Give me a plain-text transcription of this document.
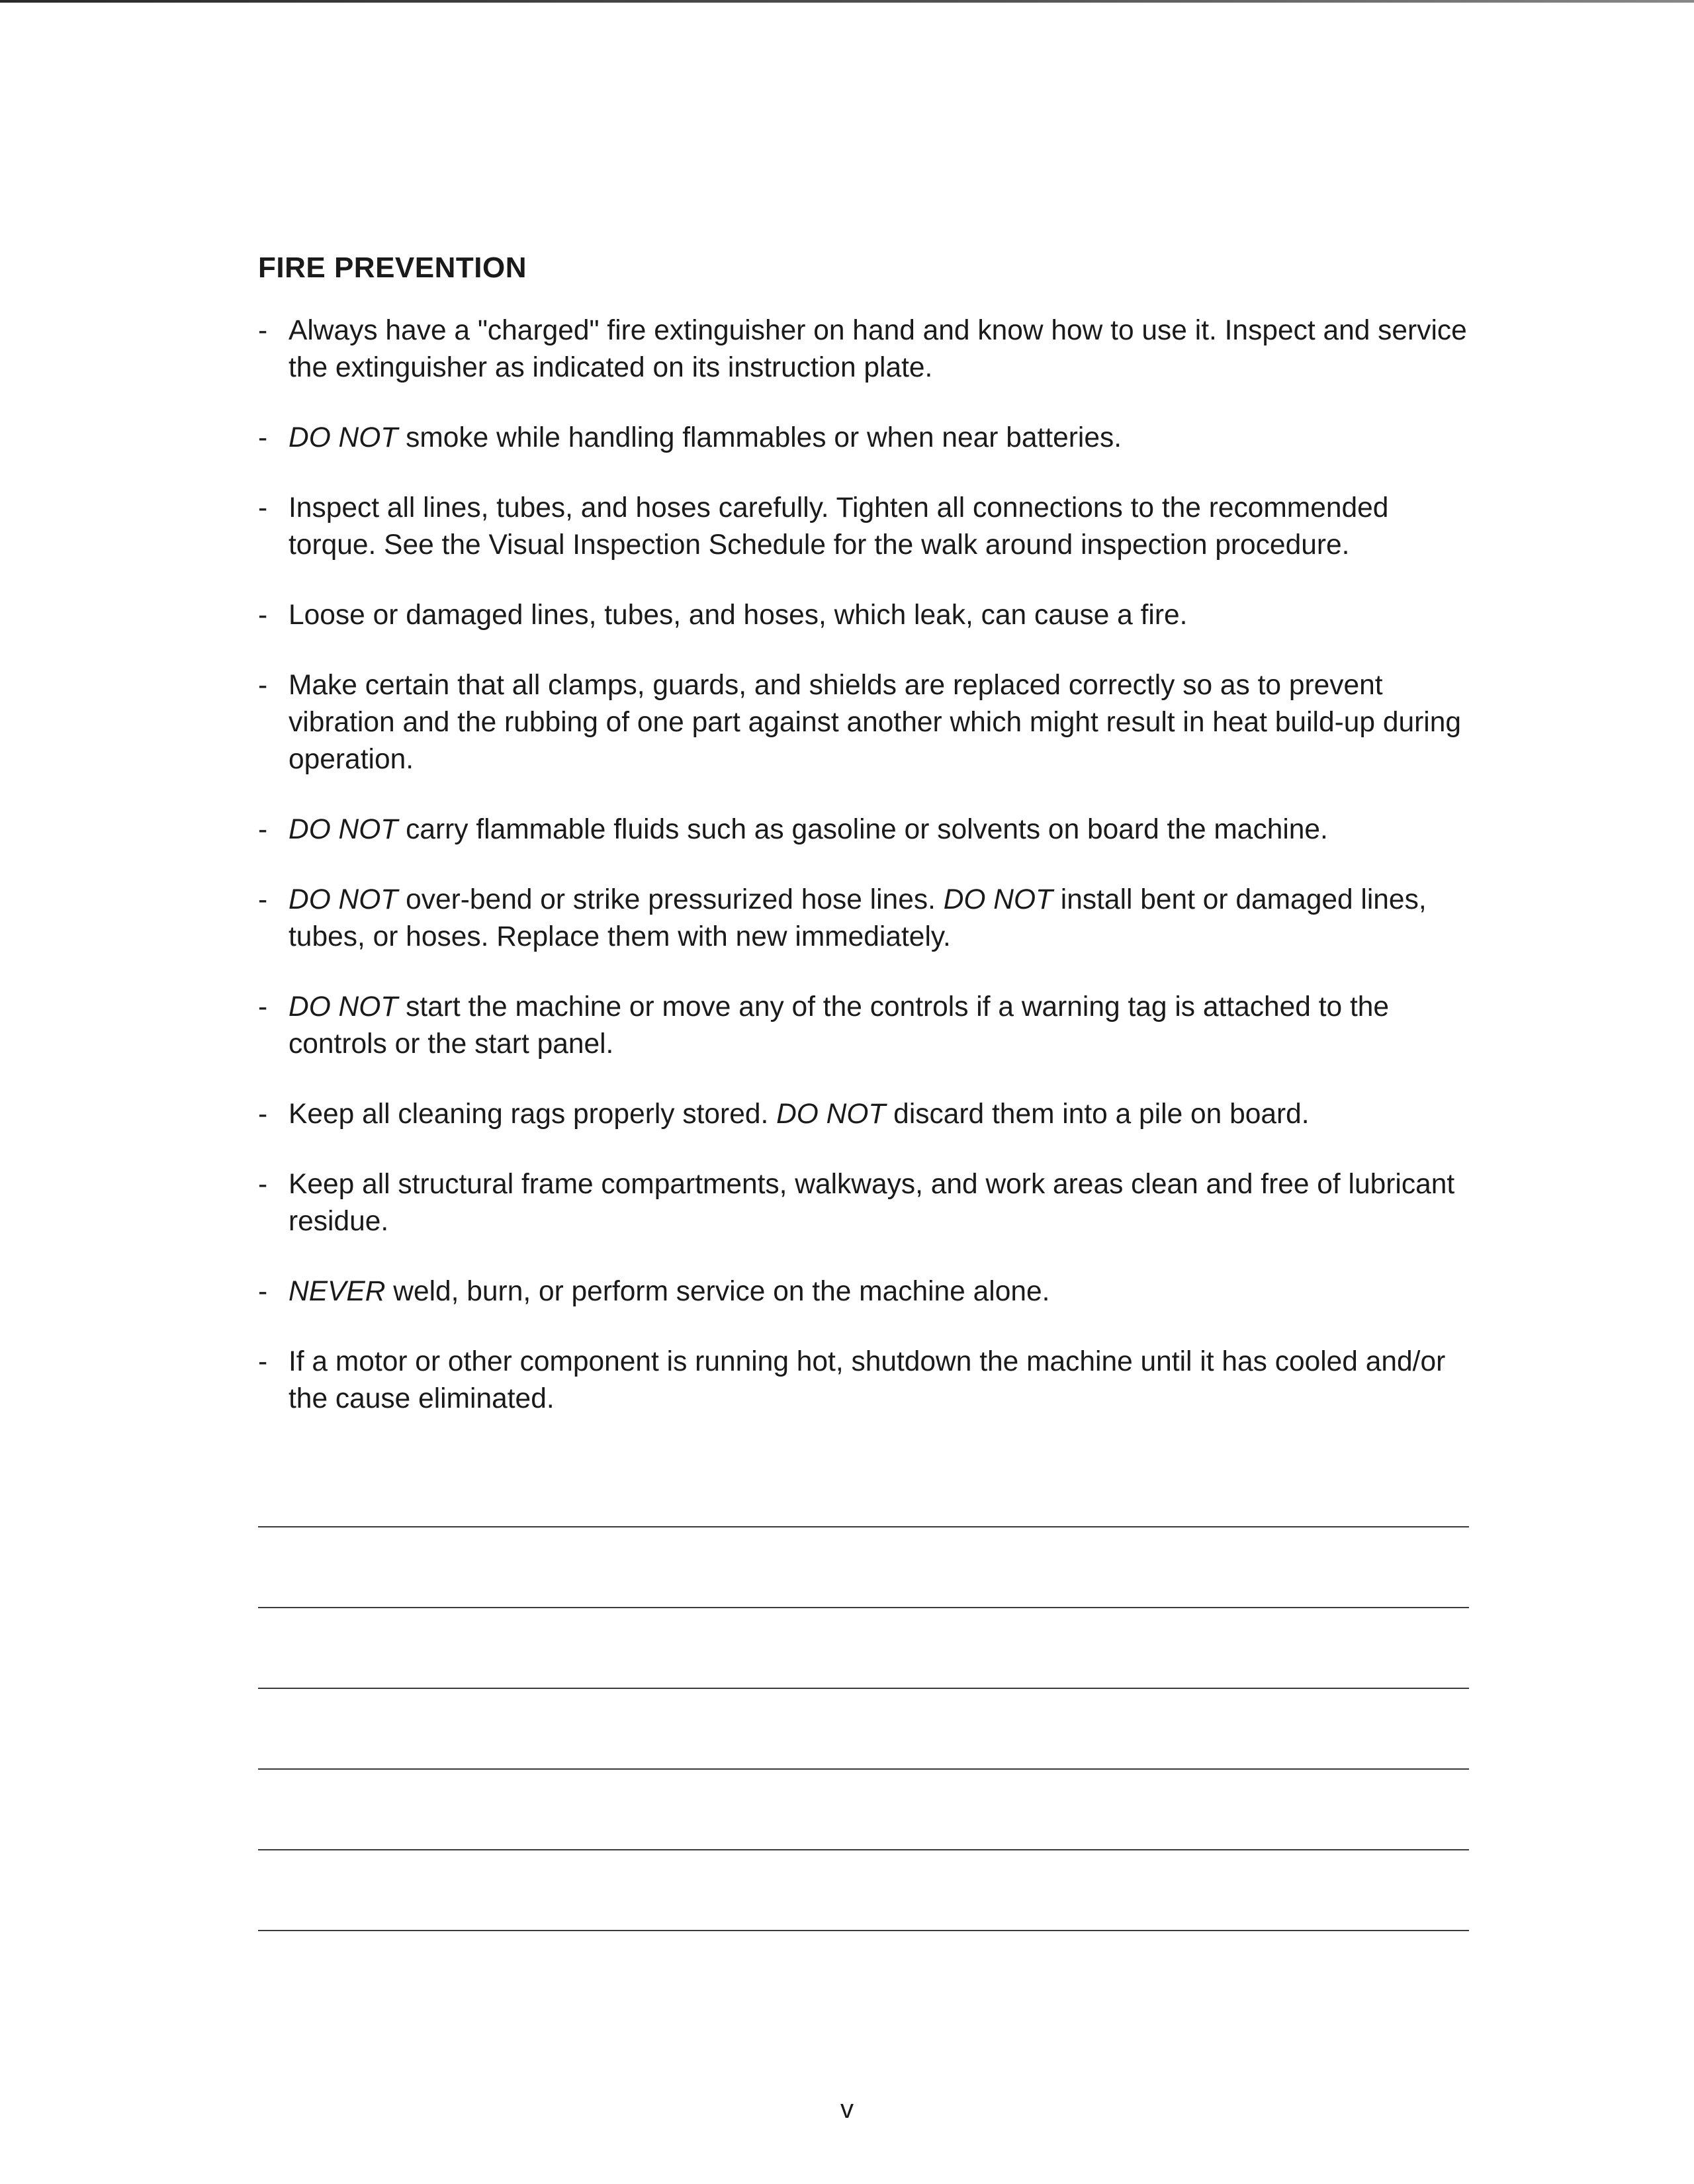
FIRE PREVENTION
- Always have a "charged" fire extinguisher on hand and know how to use it. Inspect and service the extinguisher as indicated on its instruction plate.
- DO NOT smoke while handling flammables or when near batteries.
- Inspect all lines, tubes, and hoses carefully. Tighten all connections to the recommended torque. See the Visual Inspection Schedule for the walk around inspection procedure.
- Loose or damaged lines, tubes, and hoses, which leak, can cause a fire.
- Make certain that all clamps, guards, and shields are replaced correctly so as to prevent vibration and the rubbing of one part against another which might result in heat build-up during operation.
- DO NOT carry flammable fluids such as gasoline or solvents on board the machine.
- DO NOT over-bend or strike pressurized hose lines. DO NOT install bent or damaged lines, tubes, or hoses. Replace them with new immediately.
- DO NOT start the machine or move any of the controls if a warning tag is attached to the controls or the start panel.
- Keep all cleaning rags properly stored. DO NOT discard them into a pile on board.
- Keep all structural frame compartments, walkways, and work areas clean and free of lubricant residue.
- NEVER weld, burn, or perform service on the machine alone.
- If a motor or other component is running hot, shutdown the machine until it has cooled and/or the cause eliminated.
v
